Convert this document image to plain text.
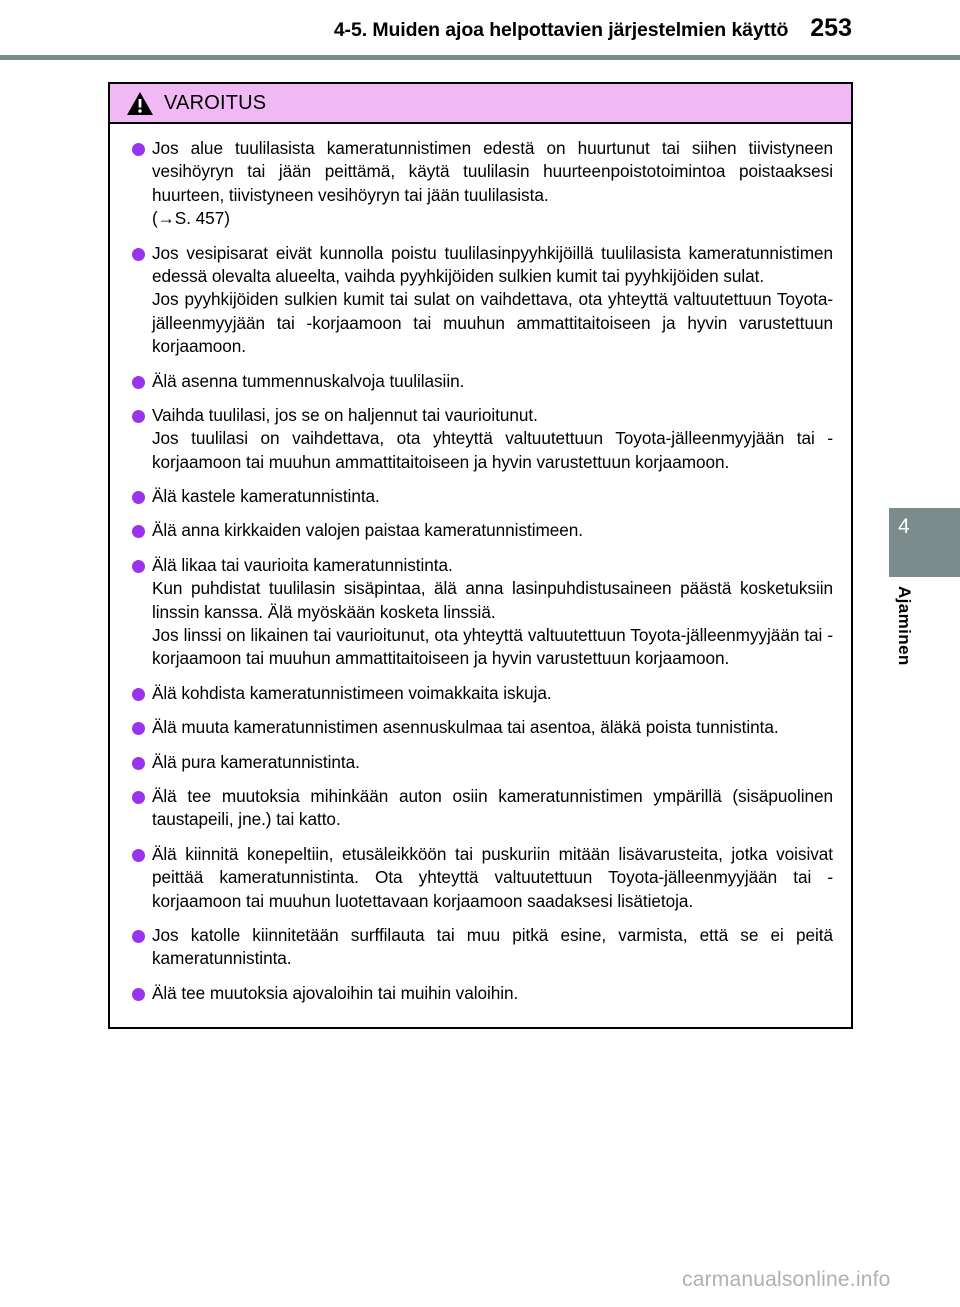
4-5. Muiden ajoa helpottavien järjestelmien käyttö 253
4
Ajaminen
VAROITUS

Jos alue tuulilasista kameratunnistimen edestä on huurtunut tai siihen tiivistyneen vesihöyryn tai jään peittämä, käytä tuulilasin huurteenpoistotoimintoa poistaaksesi huurteen, tiivistyneen vesihöyryn tai jään tuulilasista.

(→S. 457)

Jos vesipisarat eivät kunnolla poistu tuulilasinpyyhkijöillä tuulilasista kameratunnistimen edessä olevalta alueelta, vaihda pyyhkijöiden sulkien kumit tai pyyhkijöiden sulat.

Jos pyyhkijöiden sulkien kumit tai sulat on vaihdettava, ota yhteyttä valtuutettuun Toyota-jälleenmyyjään tai -korjaamoon tai muuhun ammattitaitoiseen ja hyvin varustettuun korjaamoon.

Älä asenna tummennuskalvoja tuulilasiin.

Vaihda tuulilasi, jos se on haljennut tai vaurioitunut.

Jos tuulilasi on vaihdettava, ota yhteyttä valtuutettuun Toyota-jälleenmyyjään tai -korjaamoon tai muuhun ammattitaitoiseen ja hyvin varustettuun korjaamoon.

Älä kastele kameratunnistinta.

Älä anna kirkkaiden valojen paistaa kameratunnistimeen.

Älä likaa tai vaurioita kameratunnistinta.

Kun puhdistat tuulilasin sisäpintaa, älä anna lasinpuhdistusaineen päästä kosketuksiin linssin kanssa. Älä myöskään kosketa linssiä.

Jos linssi on likainen tai vaurioitunut, ota yhteyttä valtuutettuun Toyota-jälleenmyyjään tai -korjaamoon tai muuhun ammattitaitoiseen ja hyvin varustettuun korjaamoon.

Älä kohdista kameratunnistimeen voimakkaita iskuja.

Älä muuta kameratunnistimen asennuskulmaa tai asentoa, äläkä poista tunnistinta.

Älä pura kameratunnistinta.

Älä tee muutoksia mihinkään auton osiin kameratunnistimen ympärillä (sisäpuolinen taustapeili, jne.) tai katto.

Älä kiinnitä konepeltiin, etusäleikköön tai puskuriin mitään lisävarusteita, jotka voisivat peittää kameratunnistinta. Ota yhteyttä valtuutettuun Toyota-jälleenmyyjään tai -korjaamoon tai muuhun luotettavaan korjaamoon saadaksesi lisätietoja.

Jos katolle kiinnitetään surffilauta tai muu pitkä esine, varmista, että se ei peitä kameratunnistinta.

Älä tee muutoksia ajovaloihin tai muihin valoihin.

carmanualsonline.info
